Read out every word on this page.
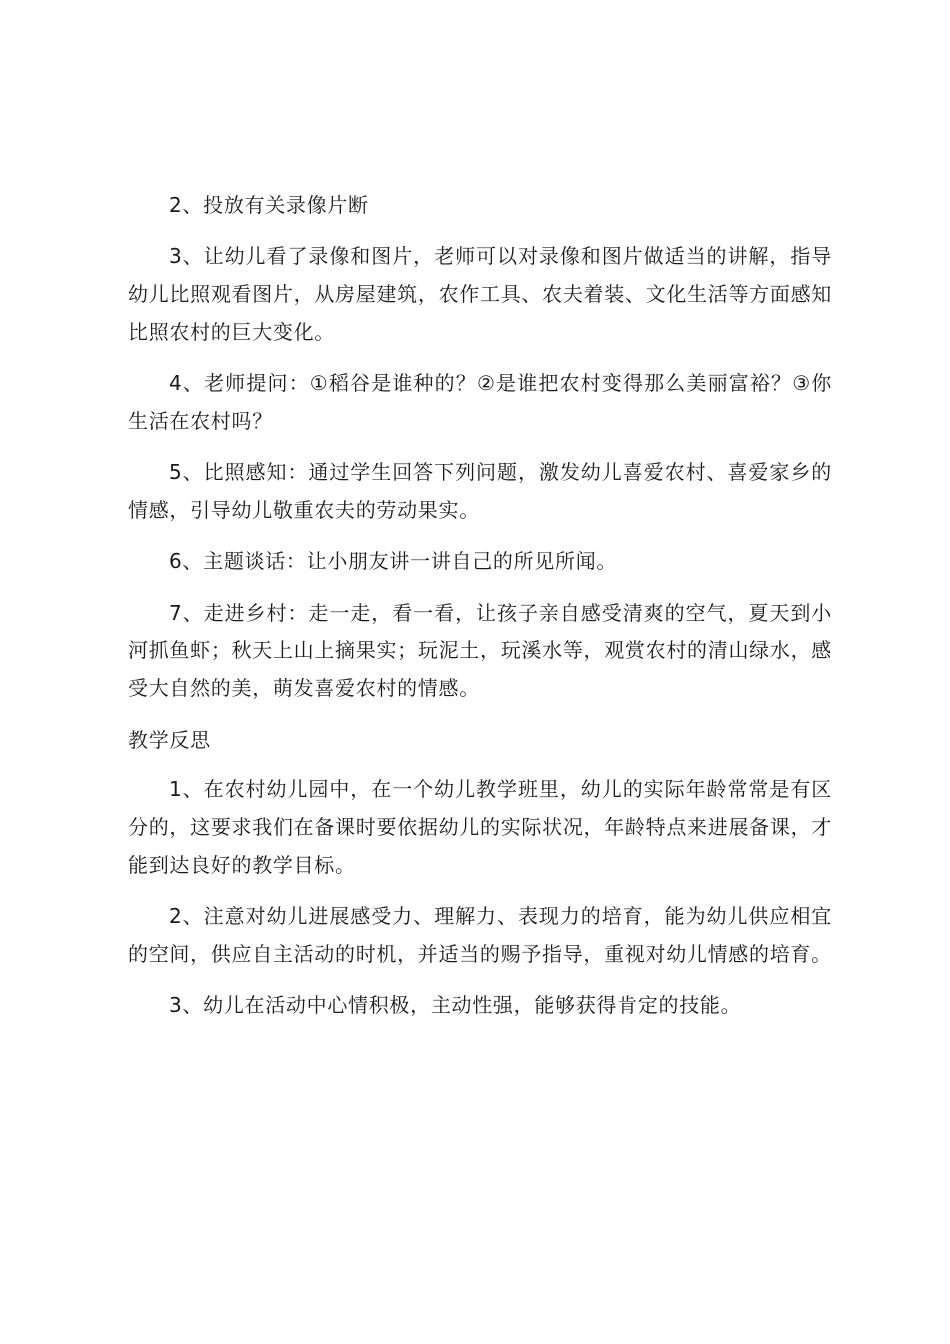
2、投放有关录像片断

3、让幼儿看了录像和图片，老师可以对录像和图片做适当的讲解，指导幼儿比照观看图片，从房屋建筑，农作工具、农夫着装、文化生活等方面感知比照农村的巨大变化。

4、老师提问：①稻谷是谁种的？②是谁把农村变得那么美丽富裕？③你生活在农村吗？

5、比照感知：通过学生回答下列问题，激发幼儿喜爱农村、喜爱家乡的情感，引导幼儿敬重农夫的劳动果实。

6、主题谈话：让小朋友讲一讲自己的所见所闻。

7、走进乡村：走一走，看一看，让孩子亲自感受清爽的空气，夏天到小河抓鱼虾；秋天上山上摘果实；玩泥土，玩溪水等，观赏农村的清山绿水，感受大自然的美，萌发喜爱农村的情感。

教学反思

1、在农村幼儿园中，在一个幼儿教学班里，幼儿的实际年龄常常是有区分的，这要求我们在备课时要依据幼儿的实际状况，年龄特点来进展备课，才能到达良好的教学目标。

2、注意对幼儿进展感受力、理解力、表现力的培育，能为幼儿供应相宜的空间，供应自主活动的时机，并适当的赐予指导，重视对幼儿情感的培育。

3、幼儿在活动中心情积极，主动性强，能够获得肯定的技能。
